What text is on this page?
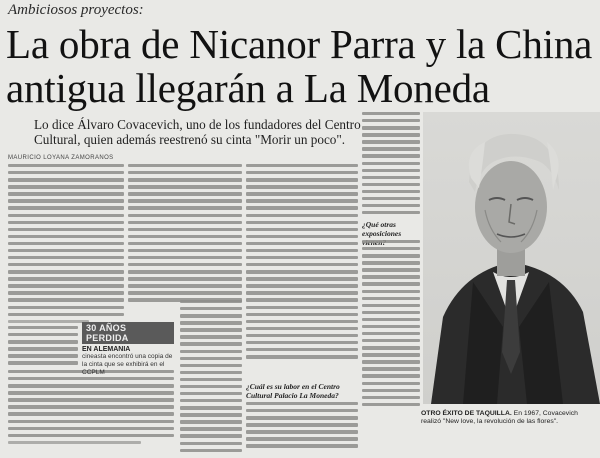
Ambiciosos proyectos:
La obra de Nicanor Parra y la China antigua llegarán a La Moneda
Lo dice Álvaro Covacevich, uno de los fundadores del Centro Cultural, quien además reestrenó su cinta "Morir un poco".
MAURICIO LOYANA ZAMORANOS
30 AÑOS PERDIDA
EN ALEMANIA
cineasta encontró una copia de la cinta que se exhibirá en el CCPLM
¿Cuál es su labor en el Centro Cultural Palacio La Moneda?
¿Qué otras exposiciones
OTRO ÉXITO DE TAQUILLA. En 1967, Covacevich realizó "New love, la revolución de las flores".
